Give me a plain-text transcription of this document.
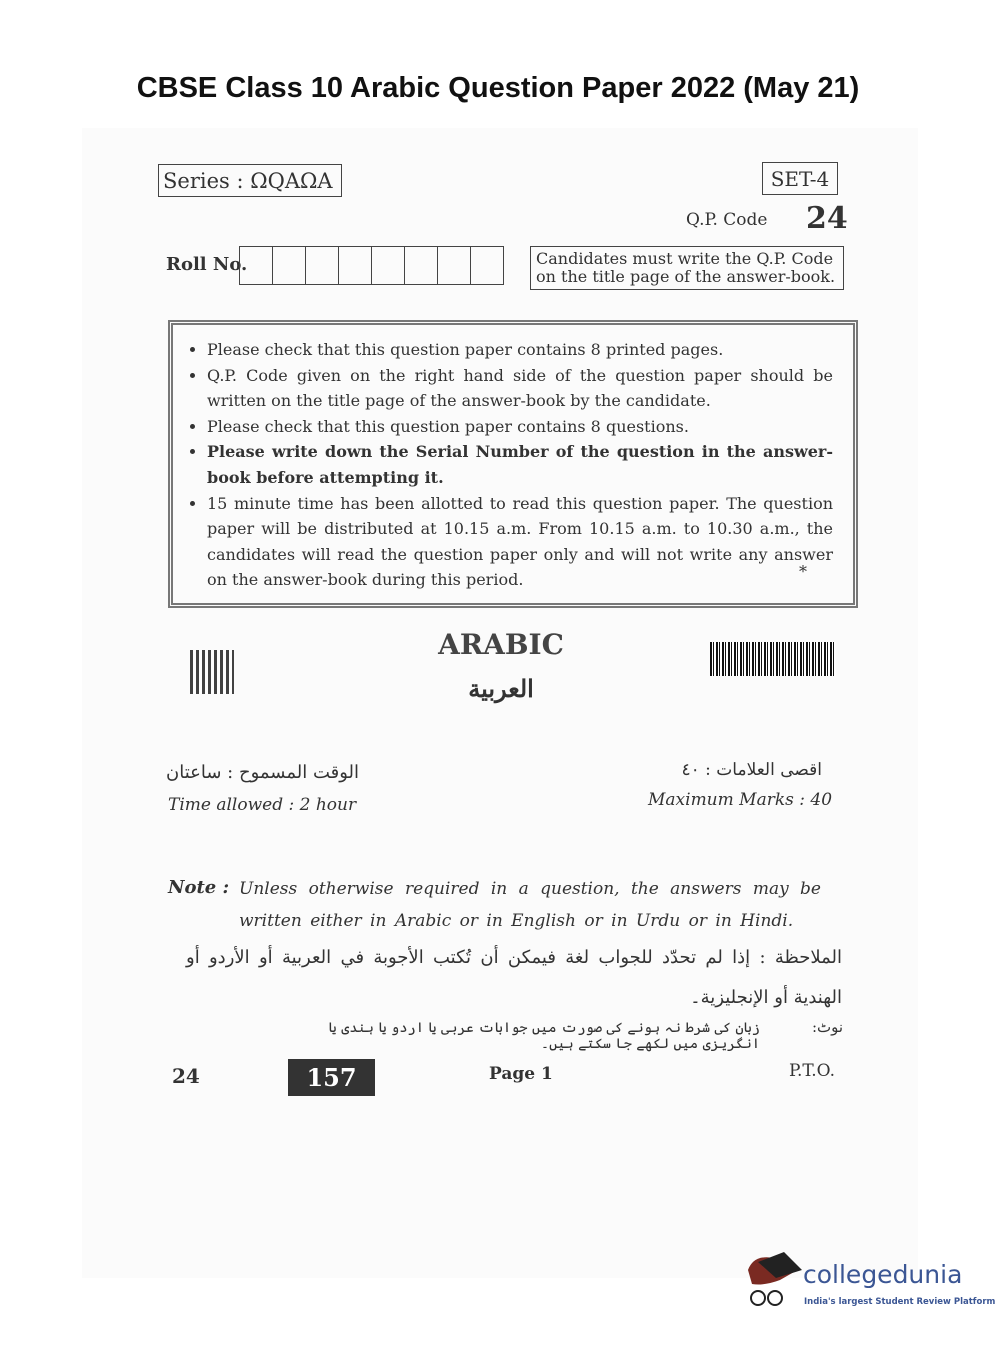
CBSE Class 10 Arabic Question Paper 2022 (May 21)
Series : ΩQAΩA	SET-4
Q.P. Code 24
Roll No.	Candidates must write the Q.P. Code
on the title page of the answer-book.
• Please check that this question paper contains 8 printed pages.
• Q.P. Code given on the right hand side of the question paper should be written on the title page of the answer-book by the candidate.
• Please check that this question paper contains 8 questions.
• Please write down the Serial Number of the question in the answer-book before attempting it.
• 15 minute time has been allotted to read this question paper. The question paper will be distributed at 10.15 a.m. From 10.15 a.m. to 10.30 a.m., the candidates will read the question paper only and will not write any answer on the answer-book during this period.	*
ARABIC
العربية
الوقت المسموح : ساعتان
Time allowed : 2 hour
اقصى العلامات : ٤٠
Maximum Marks : 40
Note : Unless otherwise required in a question, the answers may be written either in Arabic or in English or in Urdu or in Hindi.
الملاحظة : إذا لم تحدّد للجواب لغة فيمكن أن تُكتب الأجوبة في العربية أو الأردو أو الهندية أو الإنجليزية۔
نوٹ:
زبان کی شرط نہ ہونے کی صورت میں جوابات عربی یا اردو یا ہندی یا انگریزی میں لکھے جا سکتے ہیں۔
24	157	Page 1	P.T.O.
collegedunia
India's largest Student Review Platform
